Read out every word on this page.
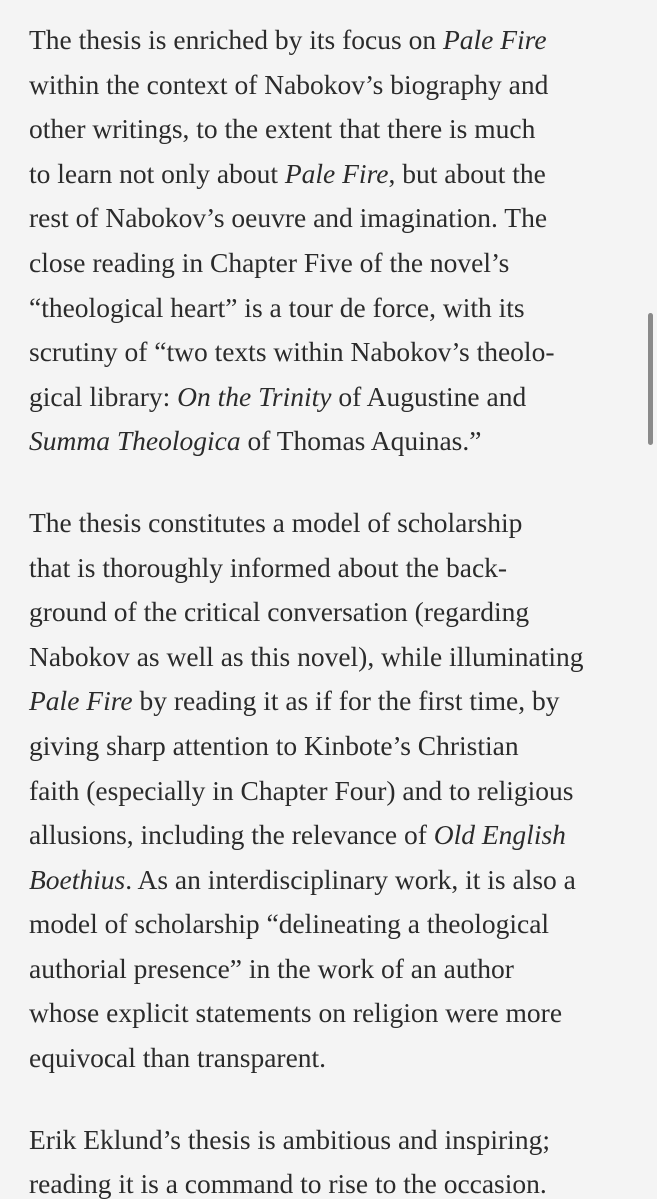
The thesis is enriched by its focus on Pale Fire
within the context of Nabokov’s biography and
other writings, to the extent that there is much
to learn not only about Pale Fire, but about the
rest of Nabokov’s oeuvre and imagination. The
close reading in Chapter Five of the novel’s
“theological heart” is a tour de force, with its
scrutiny of “two texts within Nabokov’s theolo-
gical library: On the Trinity of Augustine and
Summa Theologica of Thomas Aquinas.”

The thesis constitutes a model of scholarship
that is thoroughly informed about the back-
ground of the critical conversation (regarding
Nabokov as well as this novel), while illuminating
Pale Fire by reading it as if for the first time, by
giving sharp attention to Kinbote’s Christian
faith (especially in Chapter Four) and to religious
allusions, including the relevance of Old English
Boethius. As an interdisciplinary work, it is also a
model of scholarship “delineating a theological
authorial presence” in the work of an author
whose explicit statements on religion were more
equivocal than transparent.

Erik Eklund’s thesis is ambitious and inspiring;
reading it is a command to rise to the occasion.
